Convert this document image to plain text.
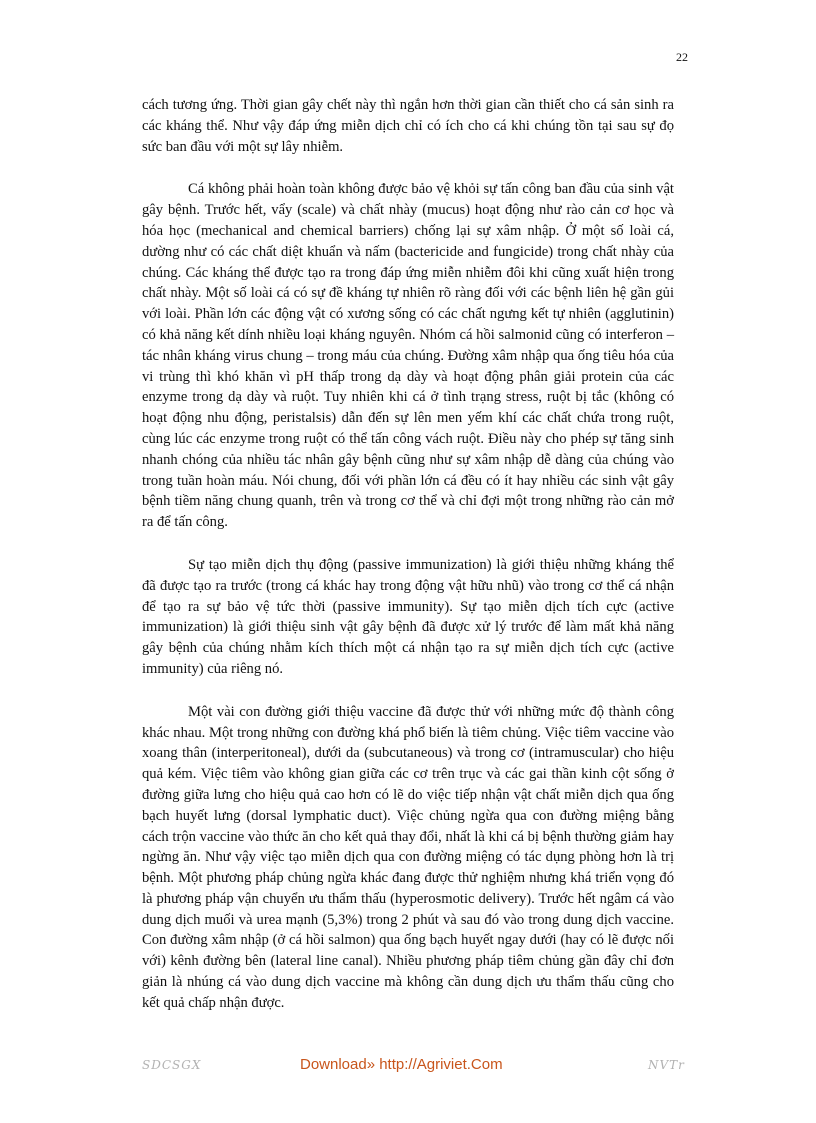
22

cách tương ứng. Thời gian gây chết này thì ngắn hơn thời gian cần thiết cho cá sản sinh ra các kháng thể. Như vậy đáp ứng miễn dịch chỉ có ích cho cá khi chúng tồn tại sau sự đọ sức ban đầu với một sự lây nhiễm.

Cá không phải hoàn toàn không được bảo vệ khỏi sự tấn công ban đầu của sinh vật gây bệnh. Trước hết, vẩy (scale) và chất nhày (mucus) hoạt động như rào cản cơ học và hóa học (mechanical and chemical barriers) chống lại sự xâm nhập. Ở một số loài cá, dường như có các chất diệt khuẩn và nấm (bactericide and fungicide) trong chất nhày của chúng. Các kháng thể được tạo ra trong đáp ứng miễn nhiễm đôi khi cũng xuất hiện trong chất nhày. Một số loài cá có sự đề kháng tự nhiên rõ ràng đối với các bệnh liên hệ gần gủi với loài. Phần lớn các động vật có xương sống có các chất ngưng kết tự nhiên (agglutinin) có khả năng kết dính nhiều loại kháng nguyên. Nhóm cá hồi salmonid cũng có interferon – tác nhân kháng virus chung – trong máu của chúng. Đường xâm nhập qua ống tiêu hóa của vi trùng thì khó khăn vì pH thấp trong dạ dày và hoạt động phân giải protein của các enzyme trong dạ dày và ruột. Tuy nhiên khi cá ở tình trạng stress, ruột bị tắc (không có hoạt động nhu động, peristalsis) dẫn đến sự lên men yếm khí các chất chứa trong ruột, cùng lúc các enzyme trong ruột có thể tấn công vách ruột. Điều này cho phép sự tăng sinh nhanh chóng của nhiều tác nhân gây bệnh cũng như sự xâm nhập dễ dàng của chúng vào trong tuần hoàn máu. Nói chung, đối với phần lớn cá đều có ít hay nhiều các sinh vật gây bệnh tiềm năng chung quanh, trên và trong cơ thể và chỉ đợi một trong những rào cản mở ra để tấn công.

Sự tạo miễn dịch thụ động (passive immunization) là giới thiệu những kháng thể đã được tạo ra trước (trong cá khác hay trong động vật hữu nhũ) vào trong cơ thể cá nhận để tạo ra sự bảo vệ tức thời (passive immunity). Sự tạo miễn dịch tích cực (active immunization) là giới thiệu sinh vật gây bệnh đã được xử lý trước để làm mất khả năng gây bệnh của chúng nhằm kích thích một cá nhận tạo ra sự miễn dịch tích cực (active immunity) của riêng nó.

Một vài con đường giới thiệu vaccine đã được thử với những mức độ thành công khác nhau. Một trong những con đường khá phổ biến là tiêm chủng. Việc tiêm vaccine vào xoang thân (interperitoneal), dưới da (subcutaneous) và trong cơ (intramuscular) cho hiệu quả kém. Việc tiêm vào không gian giữa các cơ trên trục và các gai thần kinh cột sống ở đường giữa lưng cho hiệu quả cao hơn có lẽ do việc tiếp nhận vật chất miễn dịch qua ống bạch huyết lưng (dorsal lymphatic duct). Việc chủng ngừa qua con đường miệng bằng cách trộn vaccine vào thức ăn cho kết quả thay đổi, nhất là khi cá bị bệnh thường giảm hay ngừng ăn. Như vậy việc tạo miễn dịch qua con đường miệng có tác dụng phòng hơn là trị bệnh. Một phương pháp chủng ngừa khác đang được thử nghiệm nhưng khá triển vọng đó là phương pháp vận chuyển ưu thẩm thấu (hyperosmotic delivery). Trước hết ngâm cá vào dung dịch muối và urea mạnh (5,3%) trong 2 phút và sau đó vào trong dung dịch vaccine. Con đường xâm nhập (ở cá hồi salmon) qua ống bạch huyết ngay dưới (hay có lẽ được nối với) kênh đường bên (lateral line canal). Nhiều phương pháp tiêm chủng gần đây chỉ đơn giản là nhúng cá vào dung dịch vaccine mà không cần dung dịch ưu thẩm thấu cũng cho kết quả chấp nhận được.

SDCSGX	Download» http://Agriviet.Com	NVTr
